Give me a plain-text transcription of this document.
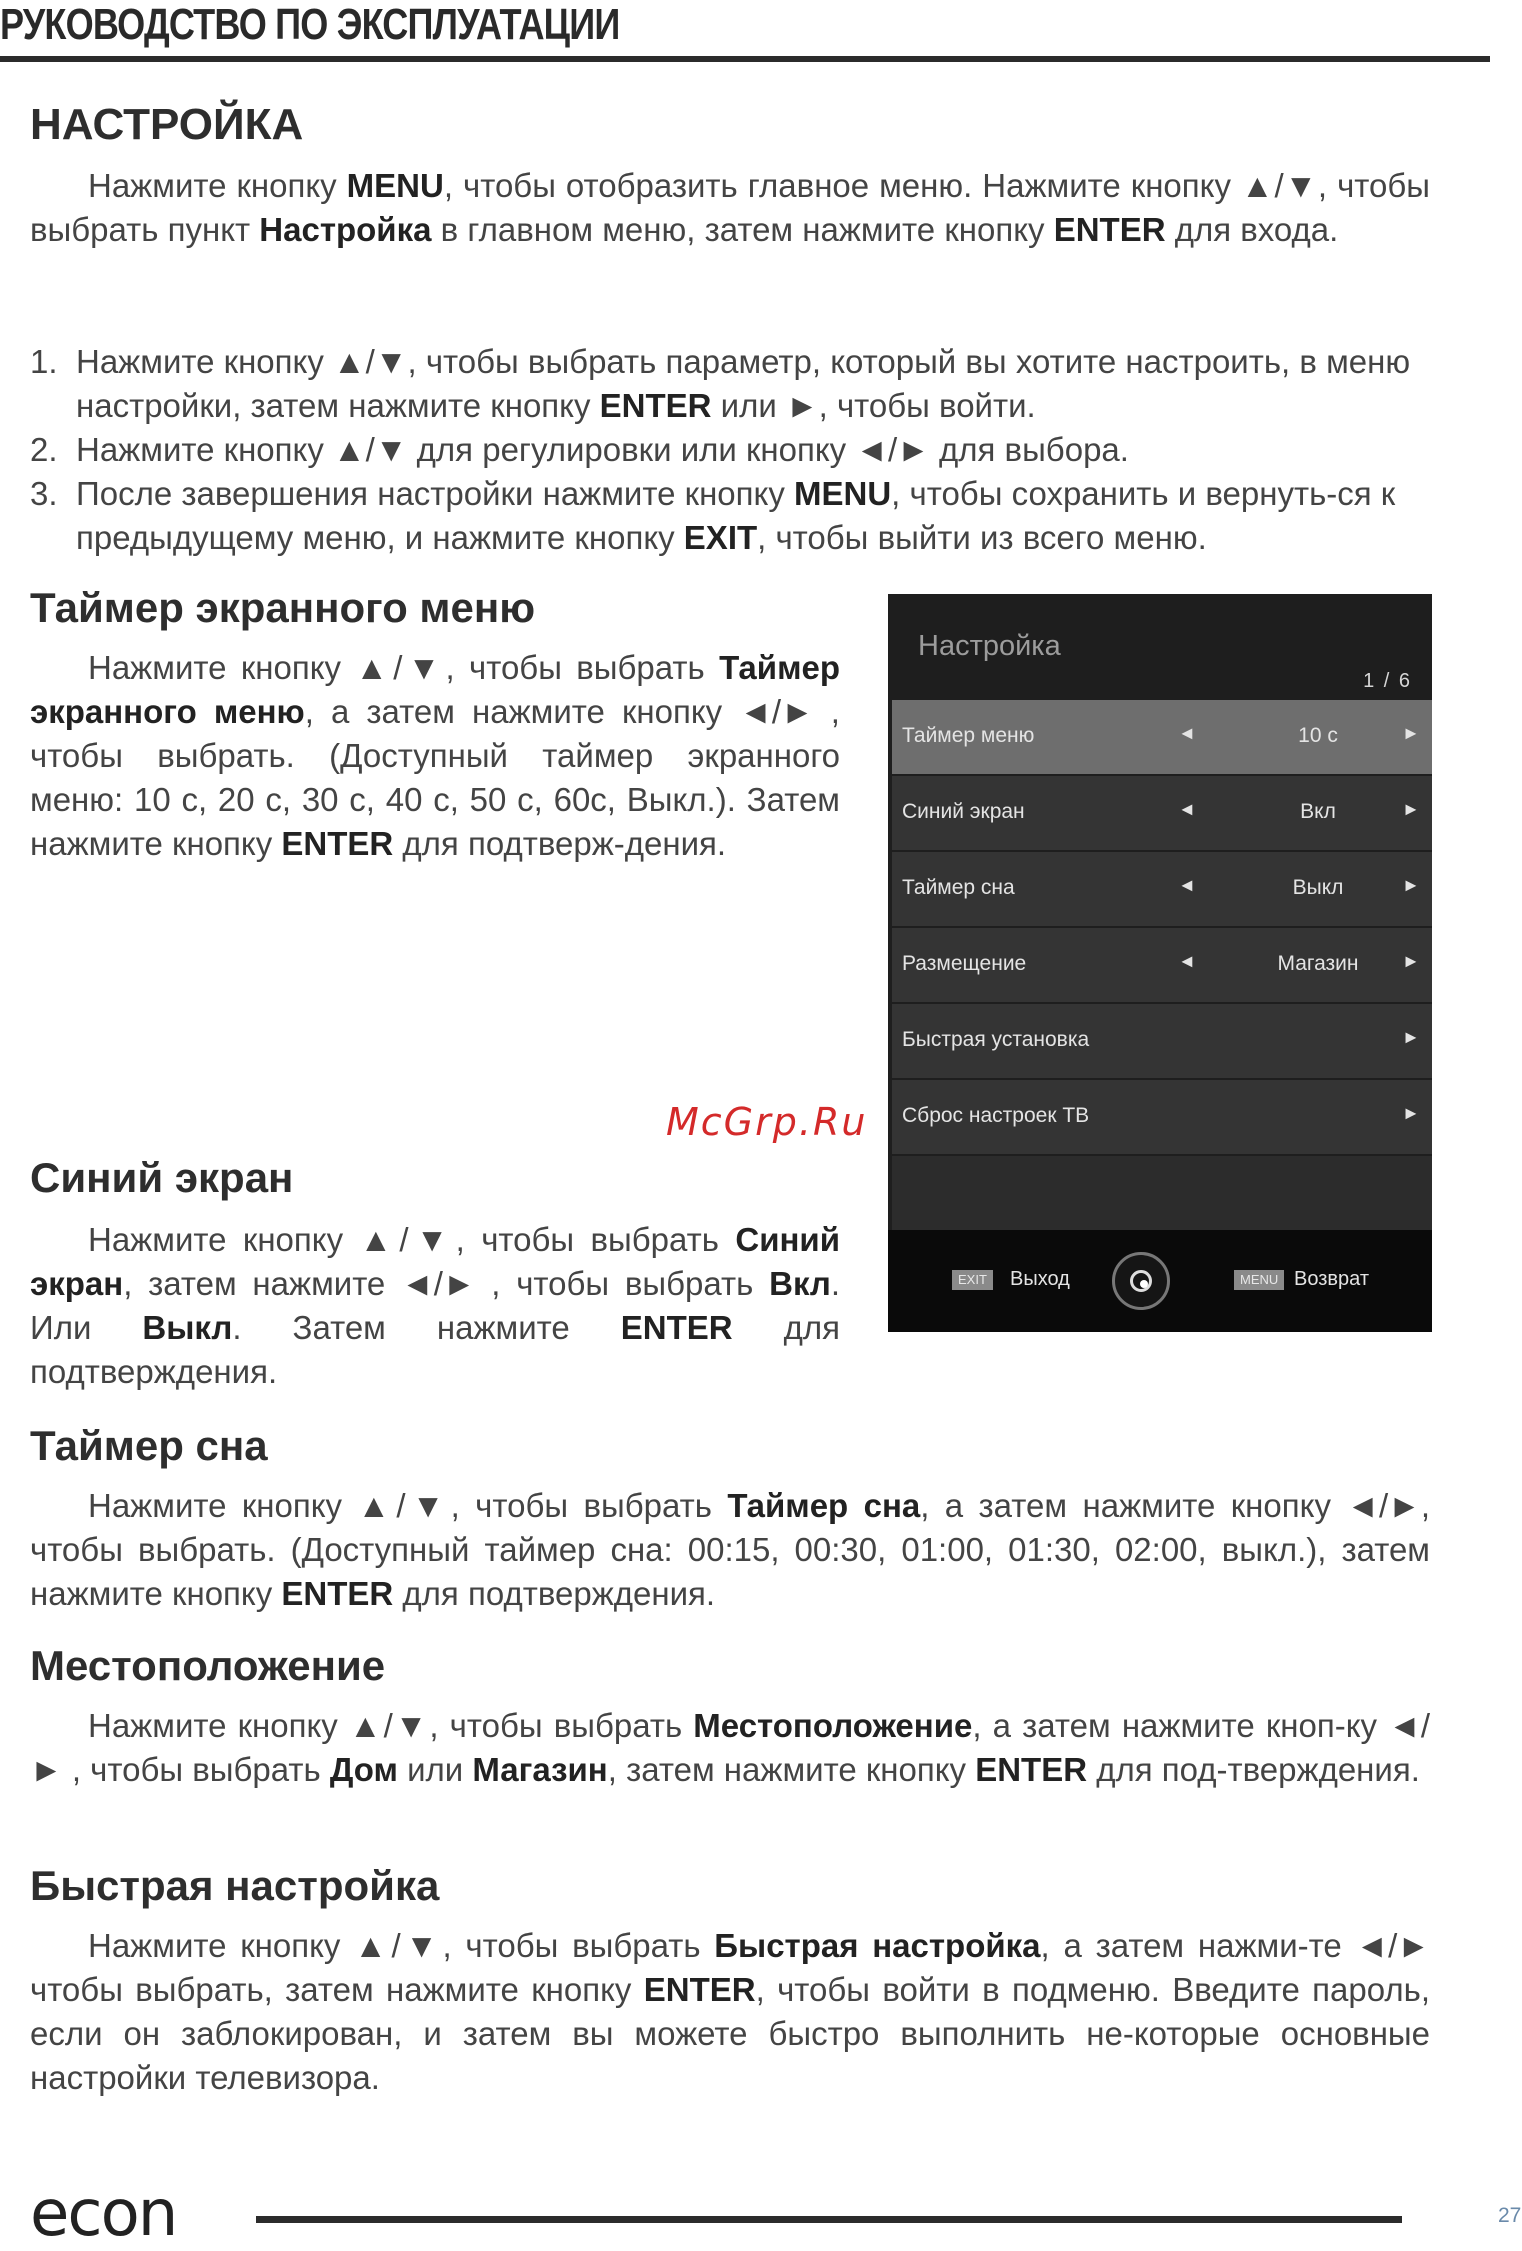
РУКОВОДСТВО ПО ЭКСПЛУАТАЦИИ
НАСТРОЙКА
Нажмите кнопку MENU, чтобы отобразить главное меню. Нажмите кнопку ▲/▼, чтобы выбрать пункт Настройка в главном меню, затем нажмите кнопку ENTER для входа.
1. Нажмите кнопку ▲/▼, чтобы выбрать параметр, который вы хотите настроить, в меню настройки, затем нажмите кнопку ENTER или ►, чтобы войти.
2. Нажмите кнопку ▲/▼ для регулировки или кнопку ◄/► для выбора.
3. После завершения настройки нажмите кнопку MENU, чтобы сохранить и вернуть-ся к предыдущему меню, и нажмите кнопку EXIT, чтобы выйти из всего меню.
Таймер экранного меню
Нажмите кнопку ▲/▼, чтобы выбрать Таймер экранного меню, а затем нажмите кнопку ◄/► , чтобы выбрать. (Доступный таймер экранного меню: 10 с, 20 с, 30 с, 40 с, 50 с, 60с, Выкл.). Затем нажмите кнопку ENTER для подтверж-дения.
Синий экран
Нажмите кнопку ▲/▼, чтобы выбрать Синий экран, затем нажмите ◄/► , чтобы выбрать Вкл. Или Выкл. Затем нажмите ENTER для подтверждения.
Таймер сна
Нажмите кнопку ▲/▼, чтобы выбрать Таймер сна, а затем нажмите кнопку ◄/►, чтобы выбрать. (Доступный таймер сна: 00:15, 00:30, 01:00, 01:30, 02:00, выкл.), затем нажмите кнопку ENTER для подтверждения.
Местоположение
Нажмите кнопку ▲/▼, чтобы выбрать Местоположение, а затем нажмите кноп-ку ◄/► , чтобы выбрать Дом или Магазин, затем нажмите кнопку ENTER для под-тверждения.
Быстрая настройка
Нажмите кнопку ▲/▼, чтобы выбрать Быстрая настройка, а затем нажми-те ◄/► чтобы выбрать, затем нажмите кнопку ENTER, чтобы войти в подменю. Введите пароль, если он заблокирован, и затем вы можете быстро выполнить не-которые основные настройки телевизора.
Настройка
1 / 6
Таймер меню	◄	10 с	►
Синий экран	◄	Вкл	►
Таймер сна	◄	Выкл	►
Размещение	◄	Магазин	►
Быстрая установка	►
Сброс настроек ТВ	►
EXIT	Выход	MENU Возврат
McGrp.Ru
econ	27
